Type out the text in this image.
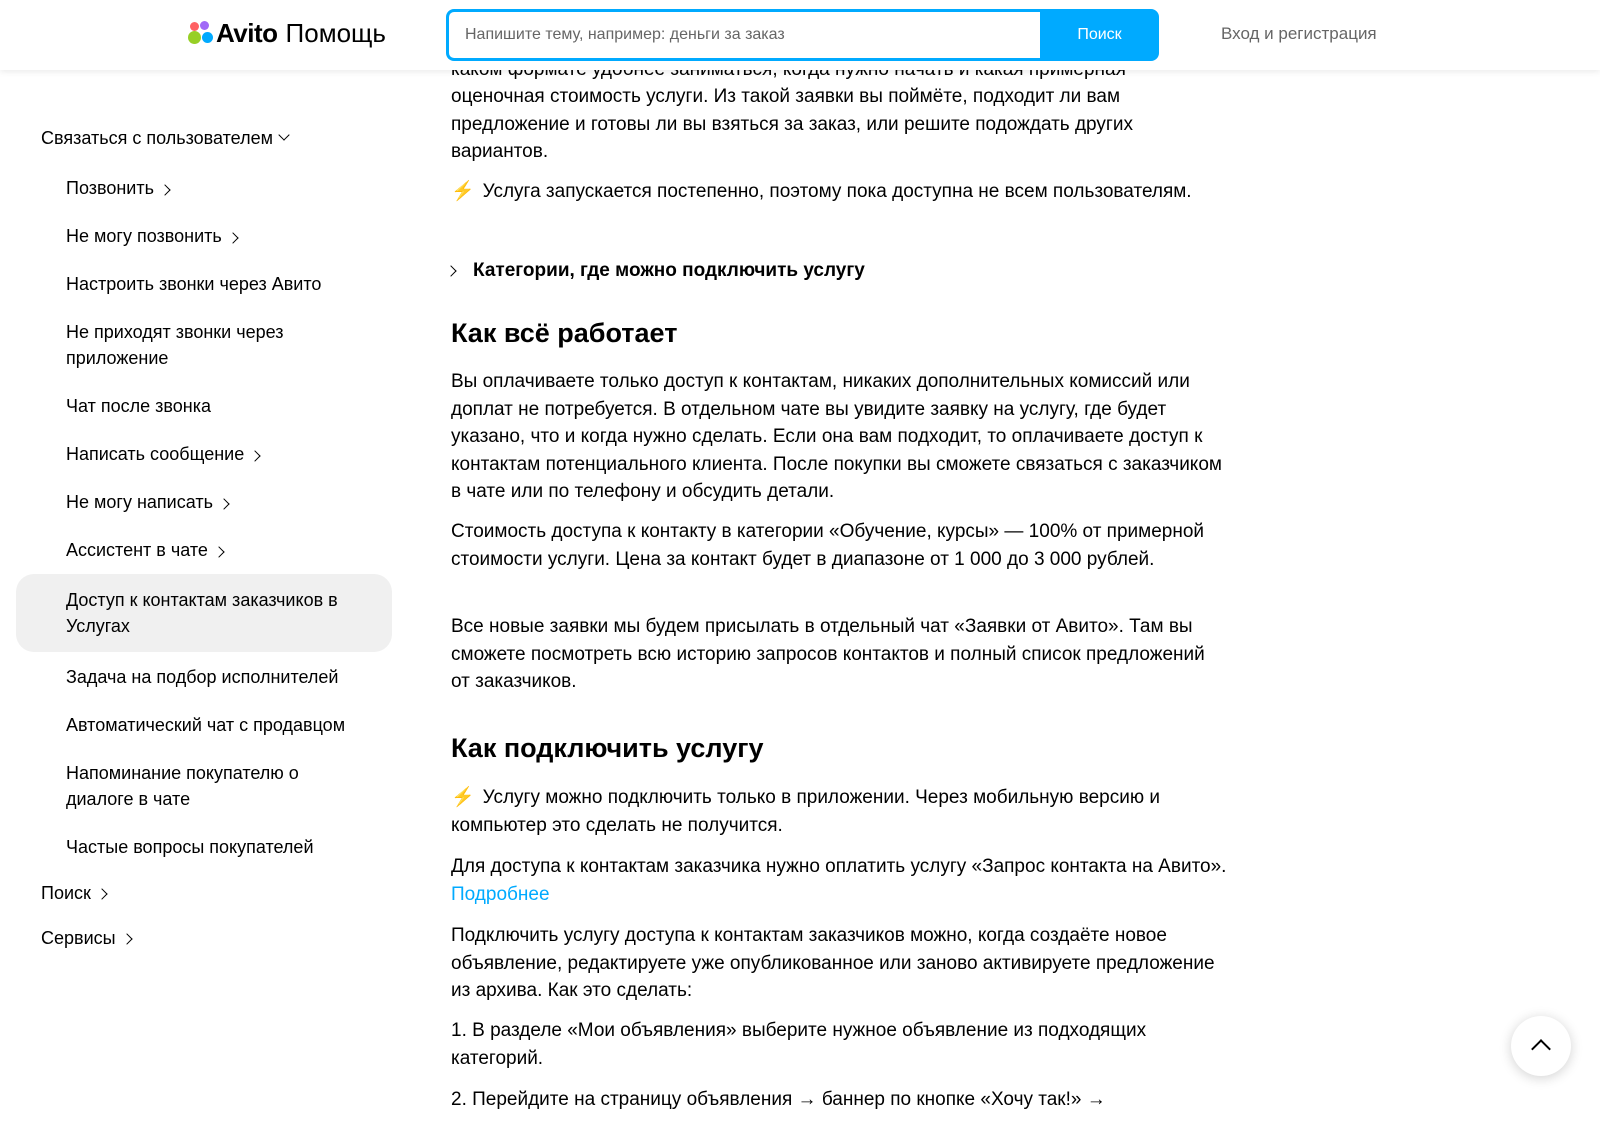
Avito Помощь
Напишите тему, например: деньги за заказ	Поиск	Вход и регистрация
Связаться с пользователем
Позвонить
Не могу позвонить
Настроить звонки через Авито
Не приходят звонки через приложение
Чат после звонка
Написать сообщение
Не могу написать
Ассистент в чате
Доступ к контактам заказчиков в Услугах
Задача на подбор исполнителей
Автоматический чат с продавцом
Напоминание покупателю о диалоге в чате
Частые вопросы покупателей
Поиск
Сервисы

оценочная стоимость услуги. Из такой заявки вы поймёте, подходит ли вам предложение и готовы ли вы взяться за заказ, или решите подождать других вариантов.

⚡ Услуга запускается постепенно, поэтому пока доступна не всем пользователям.

Категории, где можно подключить услугу
Как всё работает

Вы оплачиваете только доступ к контактам, никаких дополнительных комиссий или доплат не потребуется. В отдельном чате вы увидите заявку на услугу, где будет указано, что и когда нужно сделать. Если она вам подходит, то оплачиваете доступ к контактам потенциального клиента. После покупки вы сможете связаться с заказчиком в чате или по телефону и обсудить детали.

Стоимость доступа к контакту в категории «Обучение, курсы» — 100% от примерной стоимости услуги. Цена за контакт будет в диапазоне от 1 000 до 3 000 рублей.

Все новые заявки мы будем присылать в отдельный чат «Заявки от Авито». Там вы сможете посмотреть всю историю запросов контактов и полный список предложений от заказчиков.

Как подключить услугу

⚡ Услугу можно подключить только в приложении. Через мобильную версию и компьютер это сделать не получится.

Для доступа к контактам заказчика нужно оплатить услугу «Запрос контакта на Авито». Подробнее

Подключить услугу доступа к контактам заказчиков можно, когда создаёте новое объявление, редактируете уже опубликованное или заново активируете предложение из архива. Как это сделать:

1. В разделе «Мои объявления» выберите нужное объявление из подходящих категорий.

2. Перейдите на страницу объявления → баннер по кнопке «Хочу так!» →
